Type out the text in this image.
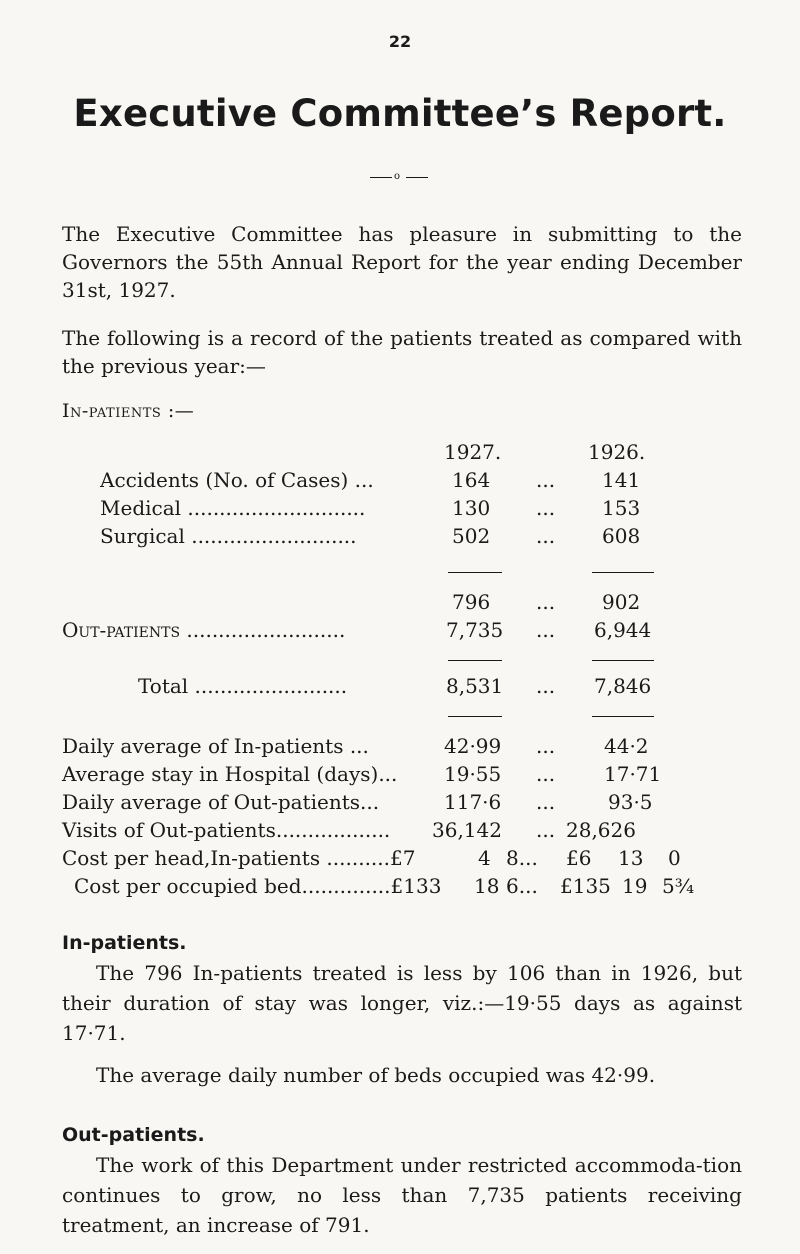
22
Executive Committee’s Report.
o
The Executive Committee has pleasure in submitting to the Governors the 55th Annual Report for the year ending December 31st, 1927.
The following is a record of the patients treated as compared with the previous year:—
In-patients :—
1927.	1926.
Accidents (No. of Cases) ...	164 ... 141
Medical ............................	130 ... 153
Surgical ..........................	502 ... 608
796 ... 902
Out-patients .........................	7,735 ... 6,944
Total ........................	8,531 ... 7,846
Daily average of In-patients ...	42·99 ... 44·2
Average stay in Hospital (days)... 19·55 ... 17·71
Daily average of Out-patients...	117·6 ...	93·5
Visits of Out-patients.................. 36,142 ... 28,626
Cost per head,In-patients ..........£7	4 8... £6 13 0
Cost per occupied bed..............£133 18 6... £135 19 5¾
In-patients.

The 796 In-patients treated is less by 106 than in 1926, but their duration of stay was longer, viz.:—19·55 days as against 17·71.

The average daily number of beds occupied was 42·99.

Out-patients.

The work of this Department under restricted accommoda-tion continues to grow, no less than 7,735 patients receiving treatment, an increase of 791.
